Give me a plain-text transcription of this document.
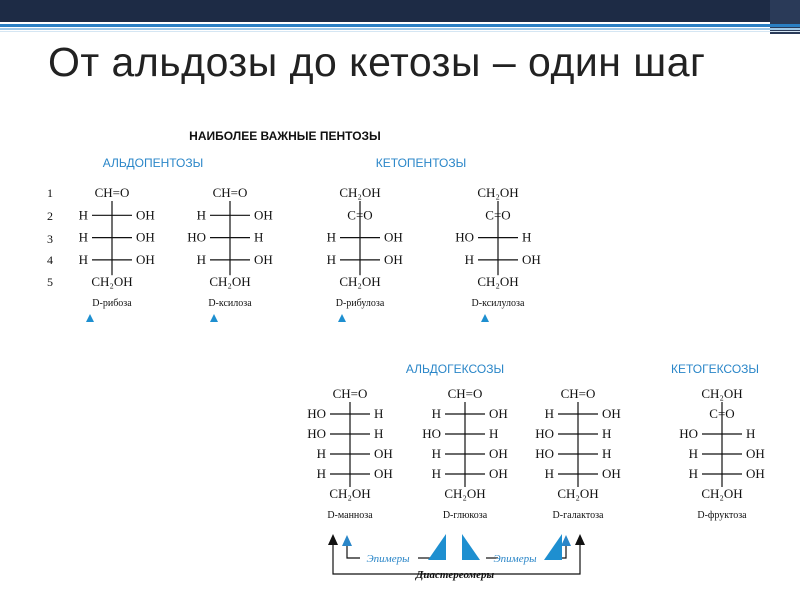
От альдозы до кетозы – один шаг
НАИБОЛЕЕ ВАЖНЫЕ ПЕНТОЗЫ
АЛЬДОПЕНТОЗЫ	КЕТОПЕНТОЗЫ
1
2
3
4
5
АЛЬДОГЕКСОЗЫ	КЕТОГЕКСОЗЫ
CH=O
H	OH
H	OH
H	OH
CH₂OH
D-рибоза
CH=O
H	OH
HO	H
H	OH
CH₂OH
D-ксилоза
CH₂OH
C=O
H	OH
H	OH
CH₂OH
D-рибулоза
CH₂OH
C=O
HO	H
H	OH
CH₂OH
D-ксилулоза
CH=O
HO	H
HO	H
H	OH
H	OH
CH₂OH
D-манноза
CH=O
H	OH
HO	H
H	OH
H	OH
CH₂OH
D-глюкоза
CH=O
H	OH
HO	H
HO	H
H	OH
CH₂OH
D-галактоза
CH₂OH
C=O
HO	H
H	OH
H	OH
CH₂OH
D-фруктоза
Эпимеры	Эпимеры
Диастереомеры
